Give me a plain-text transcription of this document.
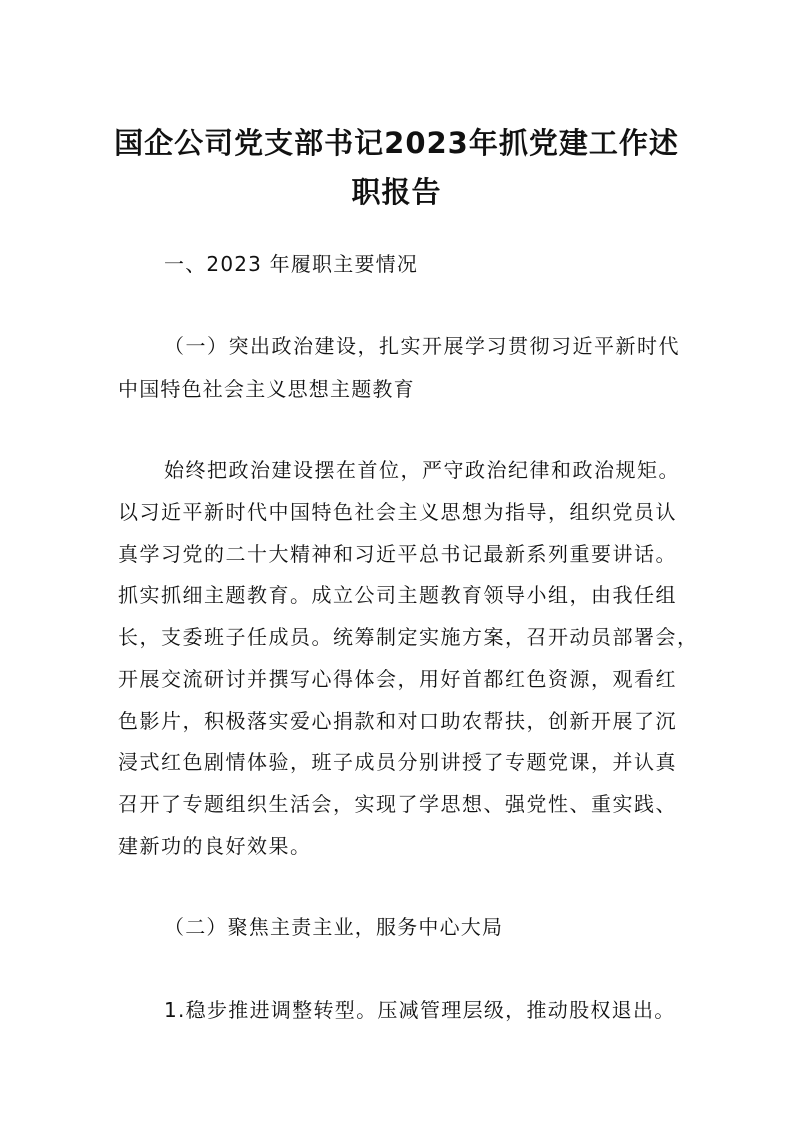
国企公司党支部书记2023年抓党建工作述
职报告
一、2023 年履职主要情况
（一）突出政治建设，扎实开展学习贯彻习近平新时代
中国特色社会主义思想主题教育
始终把政治建设摆在首位，严守政治纪律和政治规矩。
以习近平新时代中国特色社会主义思想为指导，组织党员认
真学习党的二十大精神和习近平总书记最新系列重要讲话。
抓实抓细主题教育。成立公司主题教育领导小组，由我任组
长，支委班子任成员。统筹制定实施方案，召开动员部署会，
开展交流研讨并撰写心得体会，用好首都红色资源，观看红
色影片，积极落实爱心捐款和对口助农帮扶，创新开展了沉
浸式红色剧情体验，班子成员分别讲授了专题党课，并认真
召开了专题组织生活会，实现了学思想、强党性、重实践、
建新功的良好效果。
（二）聚焦主责主业，服务中心大局
1.稳步推进调整转型。压减管理层级，推动股权退出。
